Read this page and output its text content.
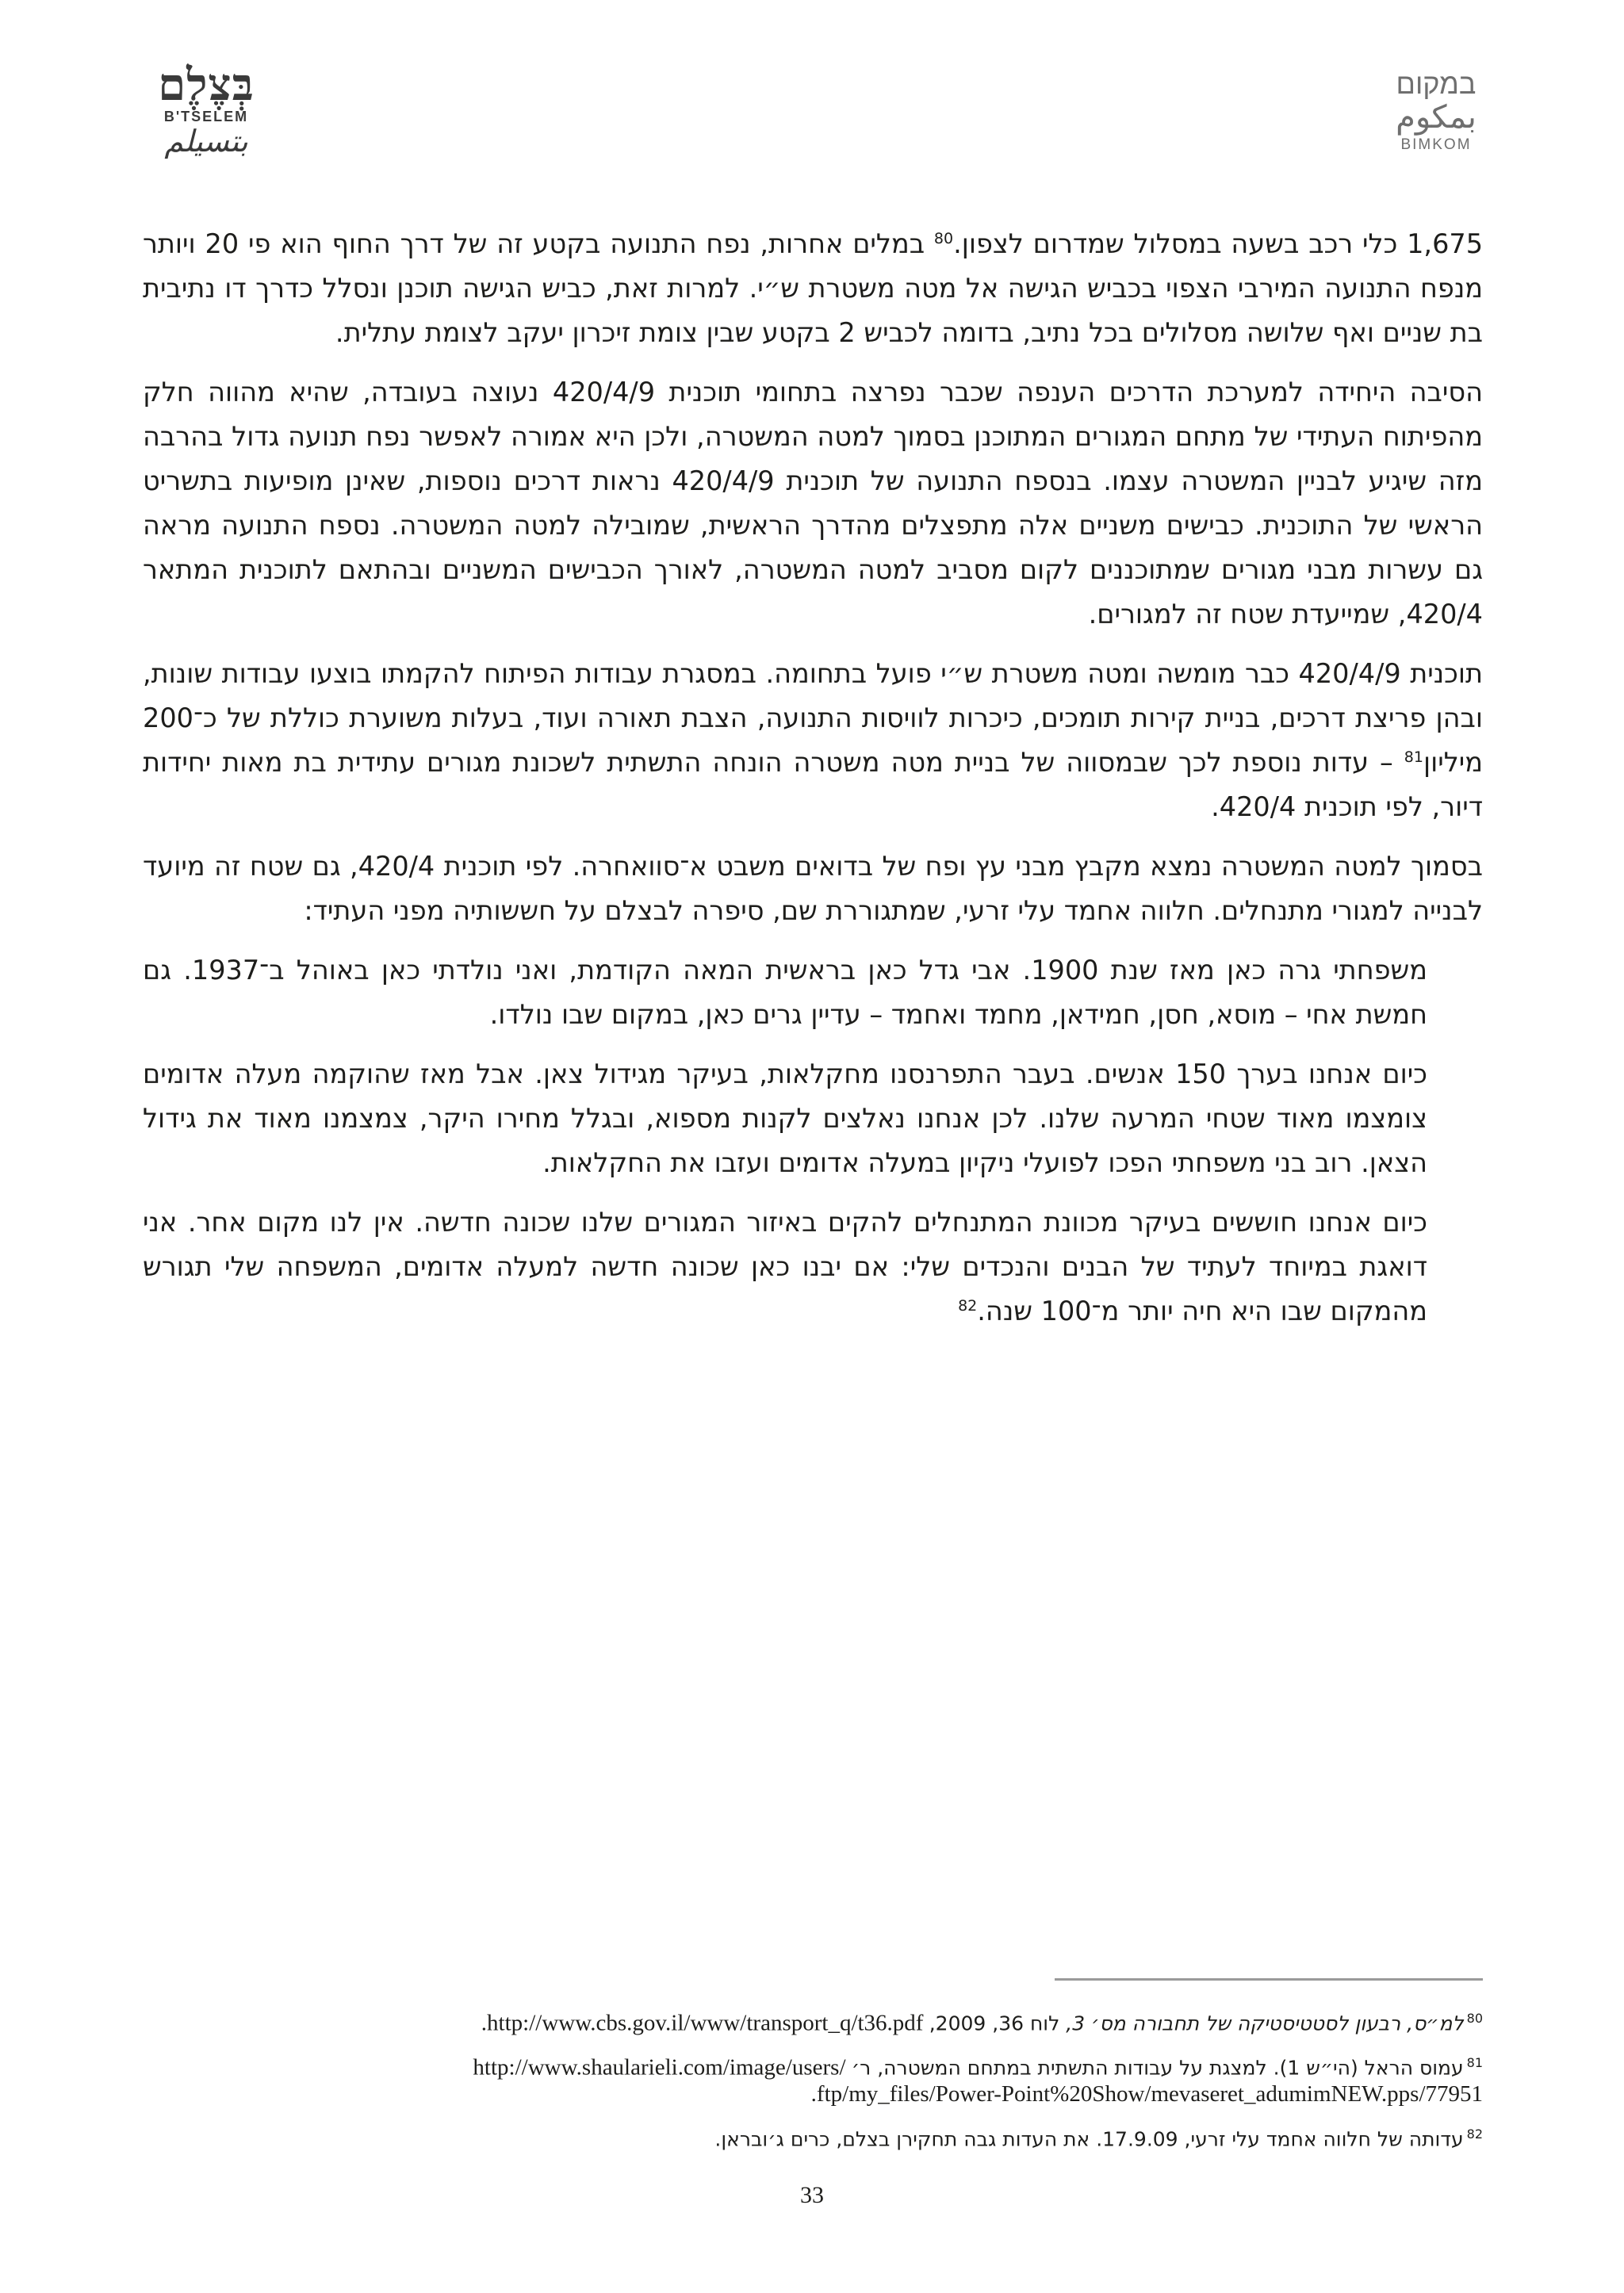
בְּצֶלֶם
B'TSELEM
بتسيلم
במקום
بمكوم
BIMKOM

1,675 כלי רכב בשעה במסלול שמדרום לצפון.$^{80}$ במלים אחרות, נפח התנועה בקטע זה של דרך החוף הוא פי 20 ויותר מנפח התנועה המירבי הצפוי בכביש הגישה אל מטה משטרת ש״י. למרות זאת, כביש הגישה תוכנן ונסלל כדרך דו נתיבית בת שניים ואף שלושה מסלולים בכל נתיב, בדומה לכביש 2 בקטע שבין צומת זיכרון יעקב לצומת עתלית.

הסיבה היחידה למערכת הדרכים הענפה שכבר נפרצה בתחומי תוכנית 420/4/9 נעוצה בעובדה, שהיא מהווה חלק מהפיתוח העתידי של מתחם המגורים המתוכנן בסמוך למטה המשטרה, ולכן היא אמורה לאפשר נפח תנועה גדול בהרבה מזה שיגיע לבניין המשטרה עצמו. בנספח התנועה של תוכנית 420/4/9 נראות דרכים נוספות, שאינן מופיעות בתשריט הראשי של התוכנית. כבישים משניים אלה מתפצלים מהדרך הראשית, שמובילה למטה המשטרה. נספח התנועה מראה גם עשרות מבני מגורים שמתוכננים לקום מסביב למטה המשטרה, לאורך הכבישים המשניים ובהתאם לתוכנית המתאר 420/4, שמייעדת שטח זה למגורים.

תוכנית 420/4/9 כבר מומשה ומטה משטרת ש״י פועל בתחומה. במסגרת עבודות הפיתוח להקמתו בוצעו עבודות שונות, ובהן פריצת דרכים, בניית קירות תומכים, כיכרות לוויסות התנועה, הצבת תאורה ועוד, בעלות משוערת כוללת של כ־200 מיליון$^{81}$ – עדות נוספת לכך שבמסווה של בניית מטה משטרה הונחה התשתית לשכונת מגורים עתידית בת מאות יחידות דיור, לפי תוכנית 420/4.

בסמוך למטה המשטרה נמצא מקבץ מבני עץ ופח של בדואים משבט א־סוואחרה. לפי תוכנית 420/4, גם שטח זה מיועד לבנייה למגורי מתנחלים. חלווה אחמד עלי זרעי, שמתגוררת שם, סיפרה לבצלם על חששותיה מפני העתיד:

משפחתי גרה כאן מאז שנת 1900. אבי גדל כאן בראשית המאה הקודמת, ואני נולדתי כאן באוהל ב־1937. גם חמשת אחי – מוסא, חסן, חמידאן, מחמד ואחמד – עדיין גרים כאן, במקום שבו נולדו.

כיום אנחנו בערך 150 אנשים. בעבר התפרנסנו מחקלאות, בעיקר מגידול צאן. אבל מאז שהוקמה מעלה אדומים צומצמו מאוד שטחי המרעה שלנו. לכן אנחנו נאלצים לקנות מספוא, ובגלל מחירו היקר, צמצמנו מאוד את גידול הצאן. רוב בני משפחתי הפכו לפועלי ניקיון במעלה אדומים ועזבו את החקלאות.

כיום אנחנו חוששים בעיקר מכוונת המתנחלים להקים באיזור המגורים שלנו שכונה חדשה. אין לנו מקום אחר. אני דואגת במיוחד לעתיד של הבנים והנכדים שלי: אם יבנו כאן שכונה חדשה למעלה אדומים, המשפחה שלי תגורש מהמקום שבו היא חיה יותר מ־100 שנה.$^{82}$

$^{80}$למ״ס, רבעון לסטטיסטיקה של תחבורה מס׳ 3, לוח 36, 2009, http://www.cbs.gov.il/www/transport_q/t36.pdf.
$^{81}$עמוס הראל (הי״ש 1). למצגת על עבודות התשתית במתחם המשטרה, ר׳ /http://www.shaularieli.com/image/users
77951/ftp/my_files/Power-Point%20Show/mevaseret_adumimNEW.pps.
$^{82}$עדותה של חלווה אחמד עלי זרעי, 17.9.09. את העדות גבה תחקירן בצלם, כרים ג׳ובראן.
33
